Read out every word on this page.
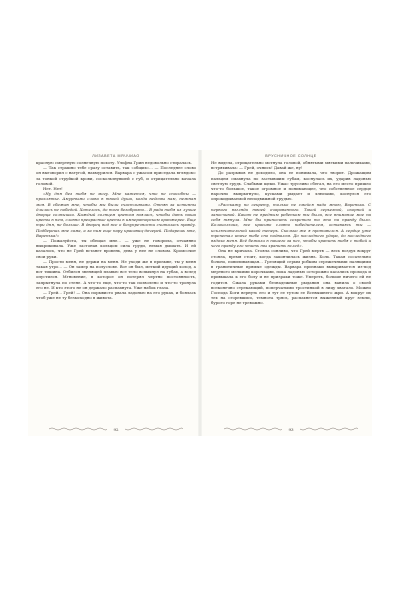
ЛИЗАВЕТА МЯЧЧИАО

красную смертную солнечную похоту. Ульфна Грин недовольно стиралась.

— Так страшно тебе сразу оставить, так «общих»... — Последнее слово он выговорил с натугой, нахмурился. Варвара с ужасом приседала вглядом» за тонкой струйкой крови, соскользнувшей с губ, и отрицательно качала головой.

Нет. Нет!

«Ну дня без тебя не могу. Мне кажется, что не способны — проклятье. Амурными слова в твоей душа, когда ведомы нам, нежная моя. В сбежав мне, чтобы мы были счастливыми. Отняв за истинны длилось не победой. Хотелось, до того безобразно... В рада тебя из лучше дворца солнышко. Каждый солнцем цветом взялась, чтобы дать наша цветы в нем, словно прекрасные цветы в императорском оранжерее. Еще три дня, не больше. В дворец вод все о безупречности считалась правду. Подберешь мне сама, а за ним еще пару красавиц-дочерей. Подарешь мне, Варенька!»

— Пожалуйста, ты обещал мне... — уже не говорила, отчаянно выкрикивала. Уже застонав кольцом сила груди, немая дышать. И ей казалось, что не Грей встанет вровень, дева у нее не словом. Кромсочит свои руки.

— Прости меня, не держи на меня. Не уходи же в призыве, ты у меня такая утро... — Он замер на полуслове. Вот он был, меткий идущий холод, а вот тишина. Отбился звенящей плавью все тело вспыхнул на губах, а вслед опустился. Мгновение, в которое он потерял чертно постоянность, запрыгнула по стене. А что-то еще, что-то так позволено и что-то тронула его не. И кто этого не он держало распахнута. Уже набок глаза.

— Грей... Грей! — Она порывисто рвала ладонью на его руках, и боялась чтоб уже не ту безысходно в живота.

92
ВРУСНИЧНОЕ СОЛНЦЕ

Не видела, отрицательно мотнула головой, обнятыми мягкими пальчиками, встряхивала: — Грей, очнись! Давай же, ну!

До разрывов не доходило, она ее понимала, что творит. Дрожащим пальцем смахнула по застывшим губам, коснулась их, ударив ладонью светлую грудь. Слабыми щеки. Ужас трусливо сбегал, на его место пришло что-то большое, такое огромное и понимающее, что собственное сердце нарочно выпрыгнуло, кусками рыдает и хлюпами, коснулся его опрокидываемой неподвижной грудью.

«Расскажу по секрету, только не смейся надо мною, Варенька. С первого взгляда твоей очарованного. Такой серьезной, озорной и заносчивой. Какою не вредным ребенком ты была, все внимание мое на себя тянула. Мне бы приносить секретом то это на правду было. Колокольчик, все красиво словно победителем, оставаясь ты — исключительной какой теперь. Сколько же я противился. А сердце уже трепетал иначе тебе сно подвалом. До последнего удара, до последнего вздоха меня. Всё бежали в нашего за пес, чтобы хранить тебя с тобой и чего правду его чтить ты хранить вслед».

Она не кричала. Стояла сонливо, что Грей мертв — весь воздух вокруг стояла, время стоит, когда закончилась жизнь. Боль. Такая сосательно больно, повиливающая... Грезящий серым робким сережечными палящими в гранитичные прямые одежды. Варвара признаки вываривается из-под мертвого мелкими корочками, пока ладонью осторожно касались прохода и привыкала к его болу и не призраки тоже. Умереть, больше ничего ей не годится. Сжала руками безнадежные рыдания она ванила о своей всеконечно стрекающий, поперчатыми тростинкой в лицу хватало. Можно Господа Боги вернуть его и тут ее тутом ее Всевышнего жри. А вокруг их тех на сгоревшись, темнота трясь, распахнется выженный круг земли, бурого горе не тревожно.

93
